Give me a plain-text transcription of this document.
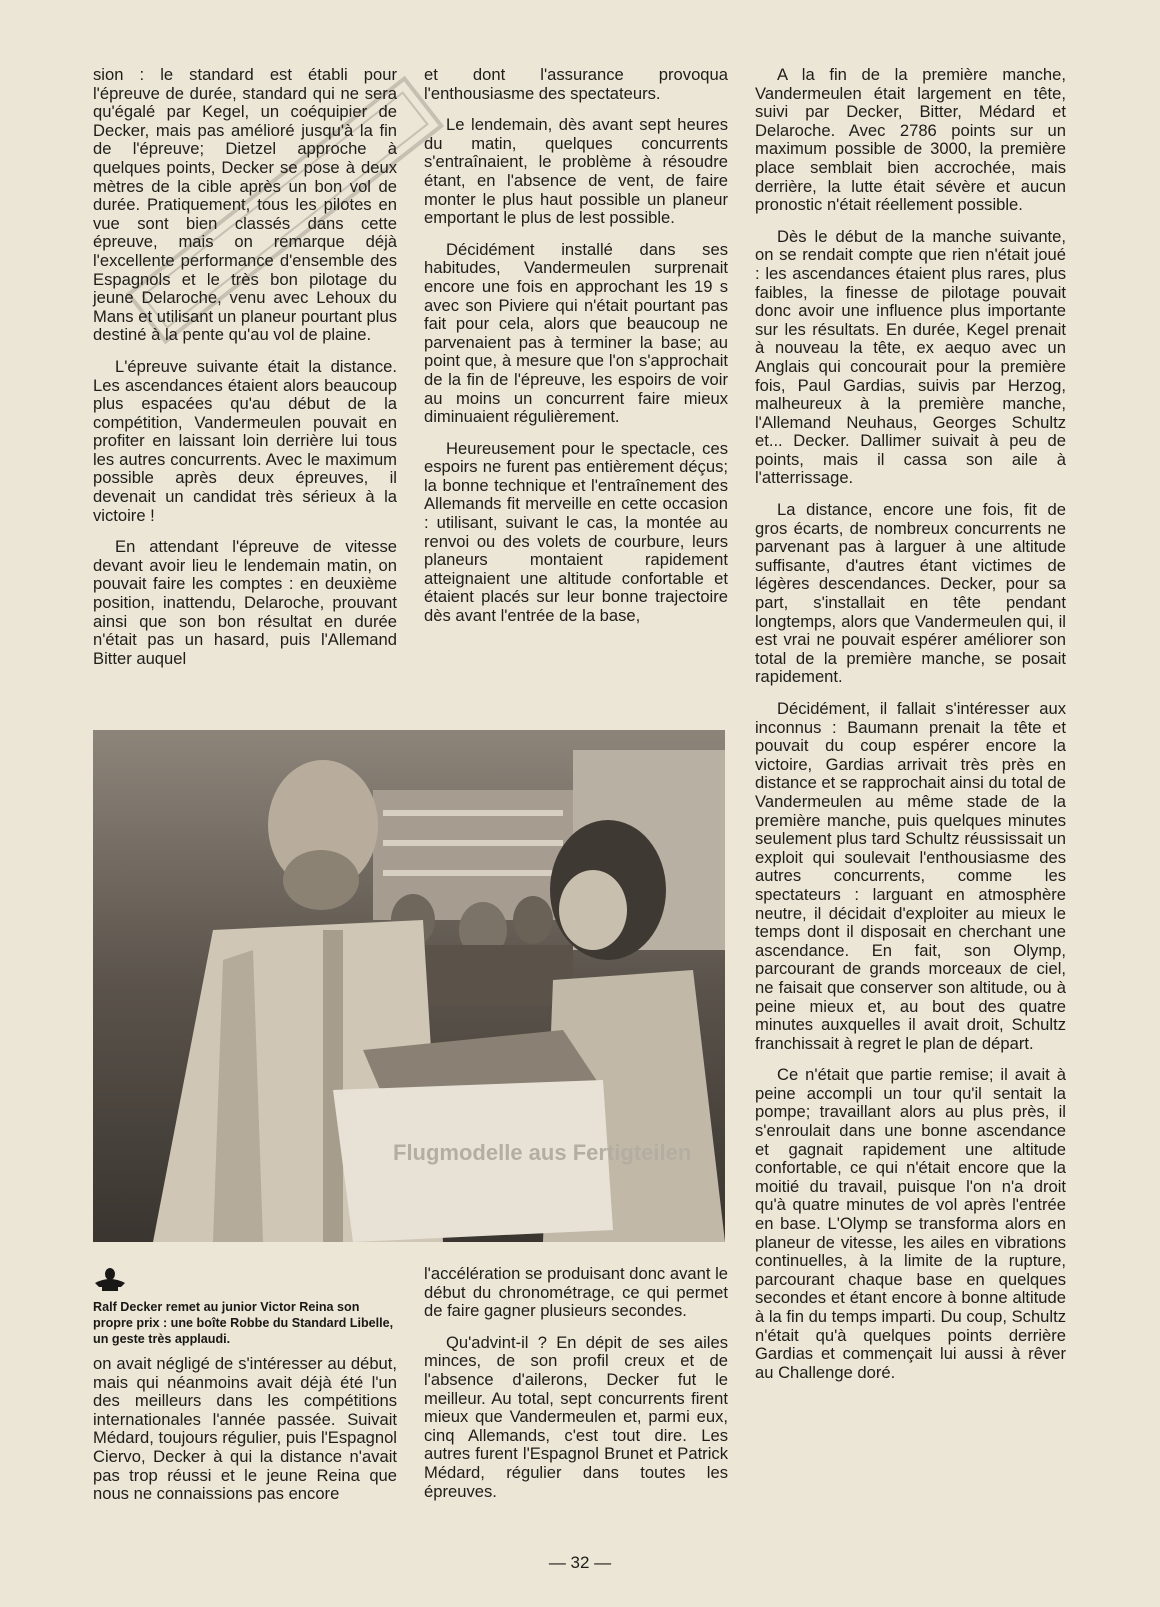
sion : le standard est établi pour l'épreuve de durée, standard qui ne sera qu'égalé par Kegel, un coéquipier de Decker, mais pas amélioré jusqu'à la fin de l'épreuve; Dietzel approche à quelques points, Decker se pose à deux mètres de la cible après un bon vol de durée. Pratiquement, tous les pilotes en vue sont bien classés dans cette épreuve, mais on remarque déjà l'excellente performance d'ensemble des Espagnols et le très bon pilotage du jeune Delaroche, venu avec Lehoux du Mans et utilisant un planeur pourtant plus destiné à la pente qu'au vol de plaine.

L'épreuve suivante était la distance. Les ascendances étaient alors beaucoup plus espacées qu'au début de la compétition, Vandermeulen pouvait en profiter en laissant loin derrière lui tous les autres concurrents. Avec le maximum possible après deux épreuves, il devenait un candidat très sérieux à la victoire !

En attendant l'épreuve de vitesse devant avoir lieu le lendemain matin, on pouvait faire les comptes : en deuxième position, inattendu, Delaroche, prouvant ainsi que son bon résultat en durée n'était pas un hasard, puis l'Allemand Bitter auquel

et dont l'assurance provoqua l'enthousiasme des spectateurs.

Le lendemain, dès avant sept heures du matin, quelques concurrents s'entraînaient, le problème à résoudre étant, en l'absence de vent, de faire monter le plus haut possible un planeur emportant le plus de lest possible.

Décidément installé dans ses habitudes, Vandermeulen surprenait encore une fois en approchant les 19 s avec son Piviere qui n'était pourtant pas fait pour cela, alors que beaucoup ne parvenaient pas à terminer la base; au point que, à mesure que l'on s'approchait de la fin de l'épreuve, les espoirs de voir au moins un concurrent faire mieux diminuaient régulièrement.

Heureusement pour le spectacle, ces espoirs ne furent pas entièrement déçus; la bonne technique et l'entraînement des Allemands fit merveille en cette occasion : utilisant, suivant le cas, la montée au renvoi ou des volets de courbure, leurs planeurs montaient rapidement atteignaient une altitude confortable et étaient placés sur leur bonne trajectoire dès avant l'entrée de la base,

A la fin de la première manche, Vandermeulen était largement en tête, suivi par Decker, Bitter, Médard et Delaroche. Avec 2786 points sur un maximum possible de 3000, la première place semblait bien accrochée, mais derrière, la lutte était sévère et aucun pronostic n'était réellement possible.

Dès le début de la manche suivante, on se rendait compte que rien n'était joué : les ascendances étaient plus rares, plus faibles, la finesse de pilotage pouvait donc avoir une influence plus importante sur les résultats. En durée, Kegel prenait à nouveau la tête, ex aequo avec un Anglais qui concourait pour la première fois, Paul Gardias, suivis par Herzog, malheureux à la première manche, l'Allemand Neuhaus, Georges Schultz et... Decker. Dallimer suivait à peu de points, mais il cassa son aile à l'atterrissage.

La distance, encore une fois, fit de gros écarts, de nombreux concurrents ne parvenant pas à larguer à une altitude suffisante, d'autres étant victimes de légères descendances. Decker, pour sa part, s'installait en tête pendant longtemps, alors que Vandermeulen qui, il est vrai ne pouvait espérer améliorer son total de la première manche, se posait rapidement.

Décidément, il fallait s'intéresser aux inconnus : Baumann prenait la tête et pouvait du coup espérer encore la victoire, Gardias arrivait très près en distance et se rapprochait ainsi du total de Vandermeulen au même stade de la première manche, puis quelques minutes seulement plus tard Schultz réussissait un exploit qui soulevait l'enthousiasme des autres concurrents, comme les spectateurs : larguant en atmosphère neutre, il décidait d'exploiter au mieux le temps dont il disposait en cherchant une ascendance. En fait, son Olymp, parcourant de grands morceaux de ciel, ne faisait que conserver son altitude, ou à peine mieux et, au bout des quatre minutes auxquelles il avait droit, Schultz franchissait à regret le plan de départ.

Ce n'était que partie remise; il avait à peine accompli un tour qu'il sentait la pompe; travaillant alors au plus près, il s'enroulait dans une bonne ascendance et gagnait rapidement une altitude confortable, ce qui n'était encore que la moitié du travail, puisque l'on n'a droit qu'à quatre minutes de vol après l'entrée en base. L'Olymp se transforma alors en planeur de vitesse, les ailes en vibrations continuelles, à la limite de la rupture, parcourant chaque base en quelques secondes et étant encore à bonne altitude à la fin du temps imparti. Du coup, Schultz n'était qu'à quelques points derrière Gardias et commençait lui aussi à rêver au Challenge doré.

Flugmodelle aus Fertigteilen
Ralf Decker remet au junior Victor Reina son propre prix : une boîte Robbe du Standard Libelle, un geste très applaudi.

on avait négligé de s'intéresser au début, mais qui néanmoins avait déjà été l'un des meilleurs dans les compétitions internationales l'année passée. Suivait Médard, toujours régulier, puis l'Espagnol Ciervo, Decker à qui la distance n'avait pas trop réussi et le jeune Reina que nous ne connaissions pas encore

l'accélération se produisant donc avant le début du chronométrage, ce qui permet de faire gagner plusieurs secondes.

Qu'advint-il ? En dépit de ses ailes minces, de son profil creux et de l'absence d'ailerons, Decker fut le meilleur. Au total, sept concurrents firent mieux que Vandermeulen et, parmi eux, cinq Allemands, c'est tout dire. Les autres furent l'Espagnol Brunet et Patrick Médard, régulier dans toutes les épreuves.

— 32 —
